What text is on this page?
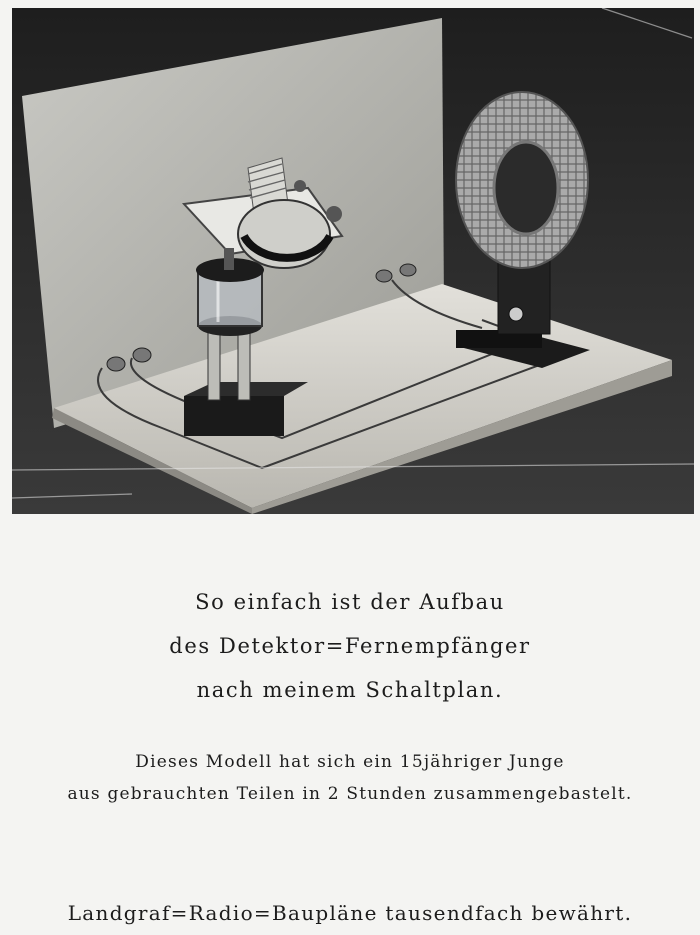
So einfach ist der Aufbau
des Detektor=Fernempfänger
nach meinem Schaltplan.

Dieses Modell hat sich ein 15jähriger Junge
aus gebrauchten Teilen in 2 Stunden zusammengebastelt.

Landgraf=Radio=Baupläne tausendfach bewährt.
